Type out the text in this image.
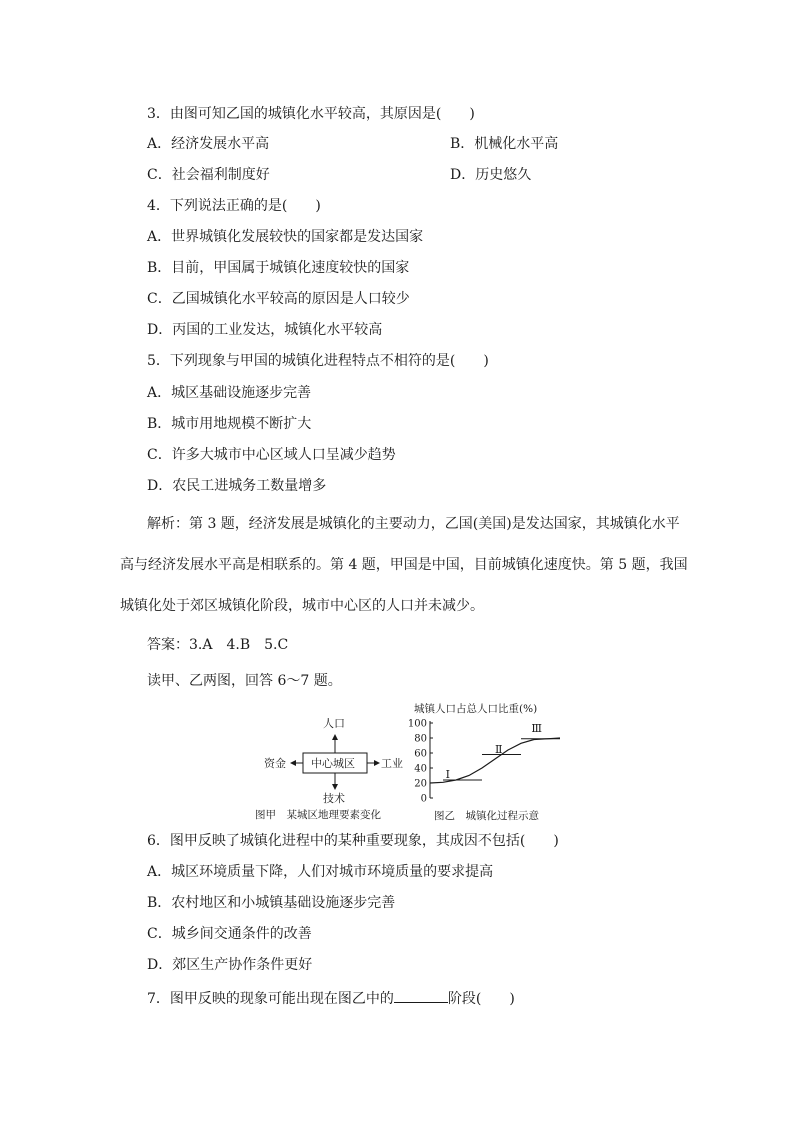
3．由图可知乙国的城镇化水平较高，其原因是(　　)
A．经济发展水平高	B．机械化水平高
C．社会福利制度好	D．历史悠久
4．下列说法正确的是(　　)
A．世界城镇化发展较快的国家都是发达国家
B．目前，甲国属于城镇化速度较快的国家
C．乙国城镇化水平较高的原因是人口较少
D．丙国的工业发达，城镇化水平较高
5．下列现象与甲国的城镇化进程特点不相符的是(　　)
A．城区基础设施逐步完善
B．城市用地规模不断扩大
C．许多大城市中心区域人口呈减少趋势
D．农民工进城务工数量增多
解析：第 3 题，经济发展是城镇化的主要动力，乙国(美国)是发达国家，其城镇化水平
高与经济发展水平高是相联系的。第 4 题，甲国是中国，目前城镇化速度快。第 5 题，我国
城镇化处于郊区城镇化阶段，城市中心区的人口并未减少。
答案：3.A　4.B　5.C
读甲、乙两图，回答 6～7 题。
中心城区
人口
资金	工业
技术
图甲　某城区地理要素变化
城镇人口占总人口比重(%)
0
20
40
60
80
100
Ⅰ
Ⅱ
Ⅲ
图乙　城镇化过程示意
6．图甲反映了城镇化进程中的某种重要现象，其成因不包括(　　)
A．城区环境质量下降，人们对城市环境质量的要求提高
B．农村地区和小城镇基础设施逐步完善
C．城乡间交通条件的改善
D．郊区生产协作条件更好
7．图甲反映的现象可能出现在图乙中的	阶段(　　)
